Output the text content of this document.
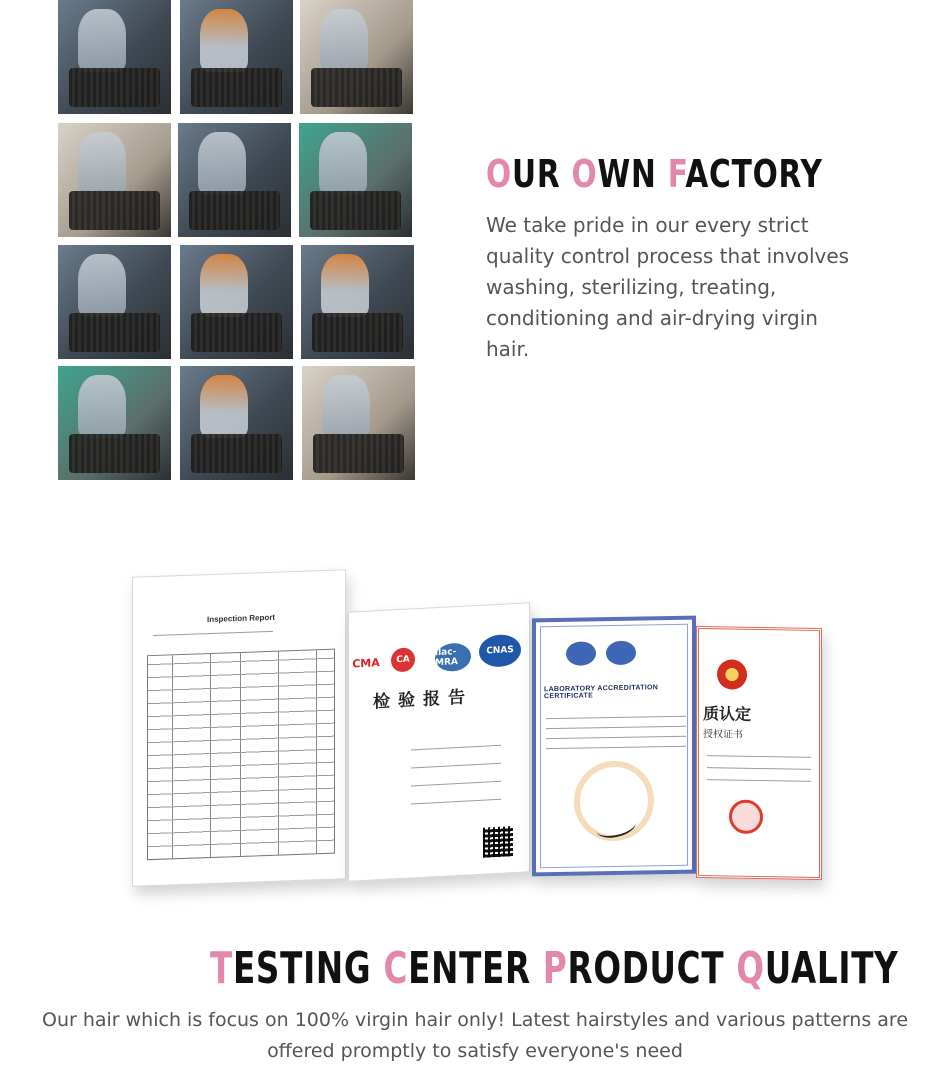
OUR OWN FACTORY

We take pride in our every strict quality control process that involves washing, sterilizing, treating, conditioning and air-drying virgin hair.

Inspection Report
CMA	CA
ilac-MRA
CNAS
检验报告	LABORATORY ACCREDITATION CERTIFICATE
质认定
授权证书
TESTING CENTER PRODUCT QUALITY

Our hair which is focus on 100% virgin hair only! Latest hairstyles and various patterns are offered promptly to satisfy everyone's need
